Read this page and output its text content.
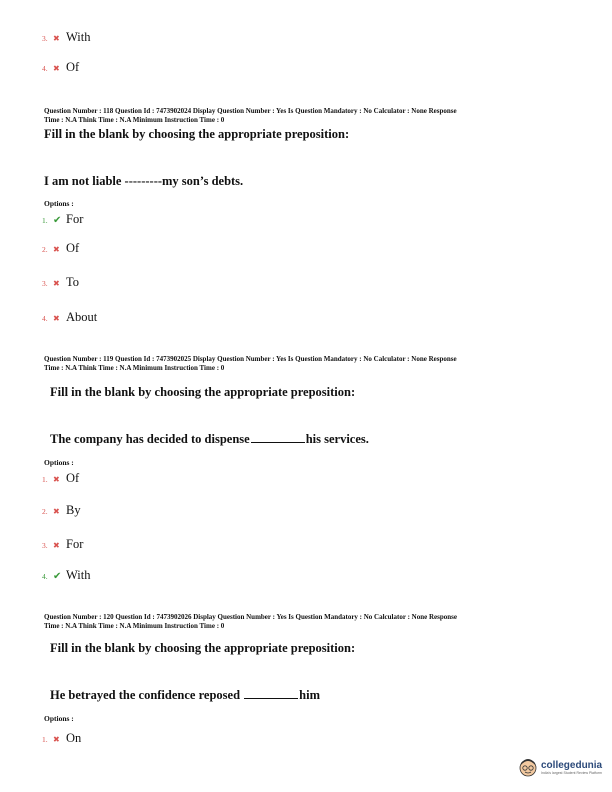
3. ✖ With
4. ✖ Of
Question Number : 118 Question Id : 7473902024 Display Question Number : Yes Is Question Mandatory : No Calculator : None Response
Time : N.A Think Time : N.A Minimum Instruction Time : 0
Fill in the blank by choosing the appropriate preposition:
I am not liable ---------my son’s debts.
Options :
1. ✔ For
2. ✖ Of
3. ✖ To
4. ✖ About
Question Number : 119 Question Id : 7473902025 Display Question Number : Yes Is Question Mandatory : No Calculator : None Response
Time : N.A Think Time : N.A Minimum Instruction Time : 0
Fill in the blank by choosing the appropriate preposition:
The company has decided to dispense	his services.
Options :
1. ✖ Of
2. ✖ By
3. ✖ For
4. ✔ With
Question Number : 120 Question Id : 7473902026 Display Question Number : Yes Is Question Mandatory : No Calculator : None Response
Time : N.A Think Time : N.A Minimum Instruction Time : 0
Fill in the blank by choosing the appropriate preposition:
He betrayed the confidence reposed	him
Options :
1. ✖ On
collegedunia
India's largest Student Review Platform
